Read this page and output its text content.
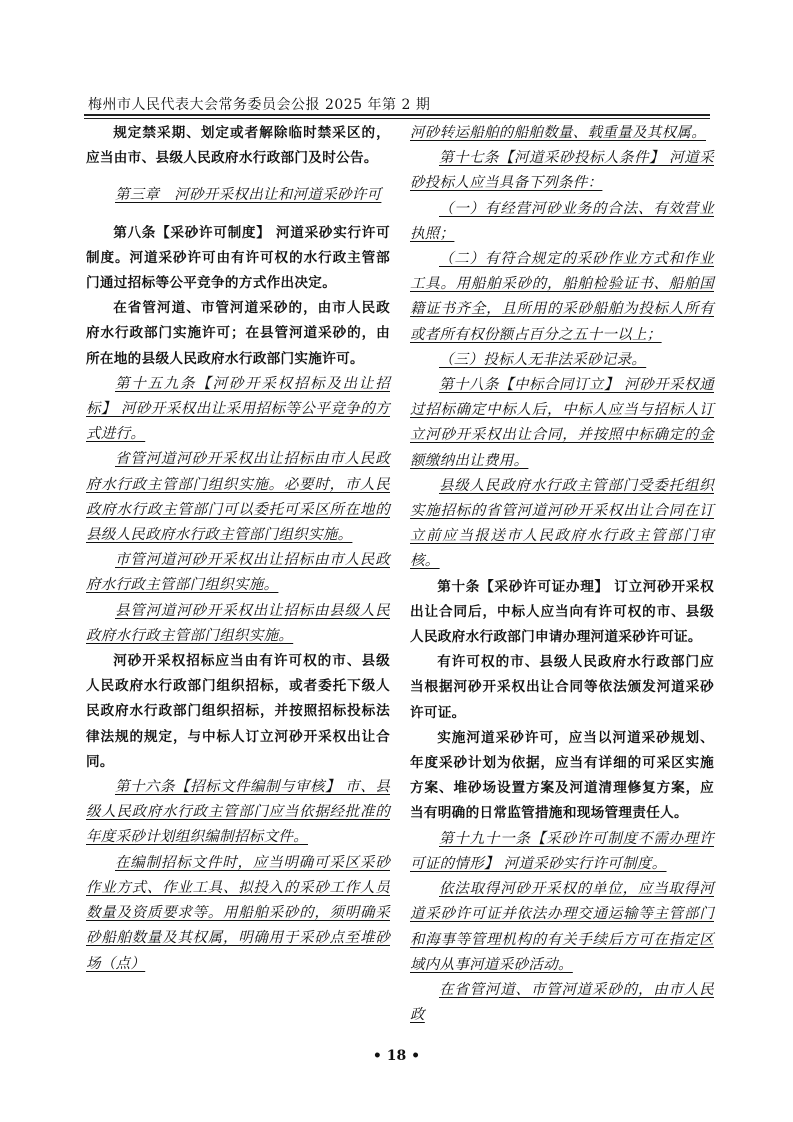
梅州市人民代表大会常务委员会公报 2025 年第 2 期

规定禁采期、划定或者解除临时禁采区的，应当由市、县级人民政府水行政部门及时公告。

第三章　河砂开采权出让和河道采砂许可

第八条【采砂许可制度】 河道采砂实行许可制度。河道采砂许可由有许可权的水行政主管部门通过招标等公平竞争的方式作出决定。

在省管河道、市管河道采砂的，由市人民政府水行政部门实施许可；在县管河道采砂的，由所在地的县级人民政府水行政部门实施许可。

第十五九条【河砂开采权招标及出让招标】 河砂开采权出让采用招标等公平竞争的方式进行。

省管河道河砂开采权出让招标由市人民政府水行政主管部门组织实施。必要时，市人民政府水行政主管部门可以委托可采区所在地的县级人民政府水行政主管部门组织实施。

市管河道河砂开采权出让招标由市人民政府水行政主管部门组织实施。

县管河道河砂开采权出让招标由县级人民政府水行政主管部门组织实施。

河砂开采权招标应当由有许可权的市、县级人民政府水行政部门组织招标，或者委托下级人民政府水行政部门组织招标，并按照招标投标法律法规的规定，与中标人订立河砂开采权出让合同。

第十六条【招标文件编制与审核】 市、县级人民政府水行政主管部门应当依据经批准的年度采砂计划组织编制招标文件。

在编制招标文件时，应当明确可采区采砂作业方式、作业工具、拟投入的采砂工作人员数量及资质要求等。用船舶采砂的，须明确采砂船舶数量及其权属，明确用于采砂点至堆砂场（点）

河砂转运船舶的船舶数量、载重量及其权属。

第十七条【河道采砂投标人条件】 河道采砂投标人应当具备下列条件：

（一）有经营河砂业务的合法、有效营业执照；

（二）有符合规定的采砂作业方式和作业工具。用船舶采砂的，船舶检验证书、船舶国籍证书齐全，且所用的采砂船舶为投标人所有或者所有权份额占百分之五十一以上；

（三）投标人无非法采砂记录。

第十八条【中标合同订立】 河砂开采权通过招标确定中标人后，中标人应当与招标人订立河砂开采权出让合同，并按照中标确定的金额缴纳出让费用。

县级人民政府水行政主管部门受委托组织实施招标的省管河道河砂开采权出让合同在订立前应当报送市人民政府水行政主管部门审核。

第十条【采砂许可证办理】 订立河砂开采权出让合同后，中标人应当向有许可权的市、县级人民政府水行政部门申请办理河道采砂许可证。

有许可权的市、县级人民政府水行政部门应当根据河砂开采权出让合同等依法颁发河道采砂许可证。

实施河道采砂许可，应当以河道采砂规划、年度采砂计划为依据，应当有详细的可采区实施方案、堆砂场设置方案及河道清理修复方案，应当有明确的日常监管措施和现场管理责任人。

第十九十一条【采砂许可制度不需办理许可证的情形】 河道采砂实行许可制度。

依法取得河砂开采权的单位，应当取得河道采砂许可证并依法办理交通运输等主管部门和海事等管理机构的有关手续后方可在指定区域内从事河道采砂活动。

在省管河道、市管河道采砂的，由市人民政

• 18 •
